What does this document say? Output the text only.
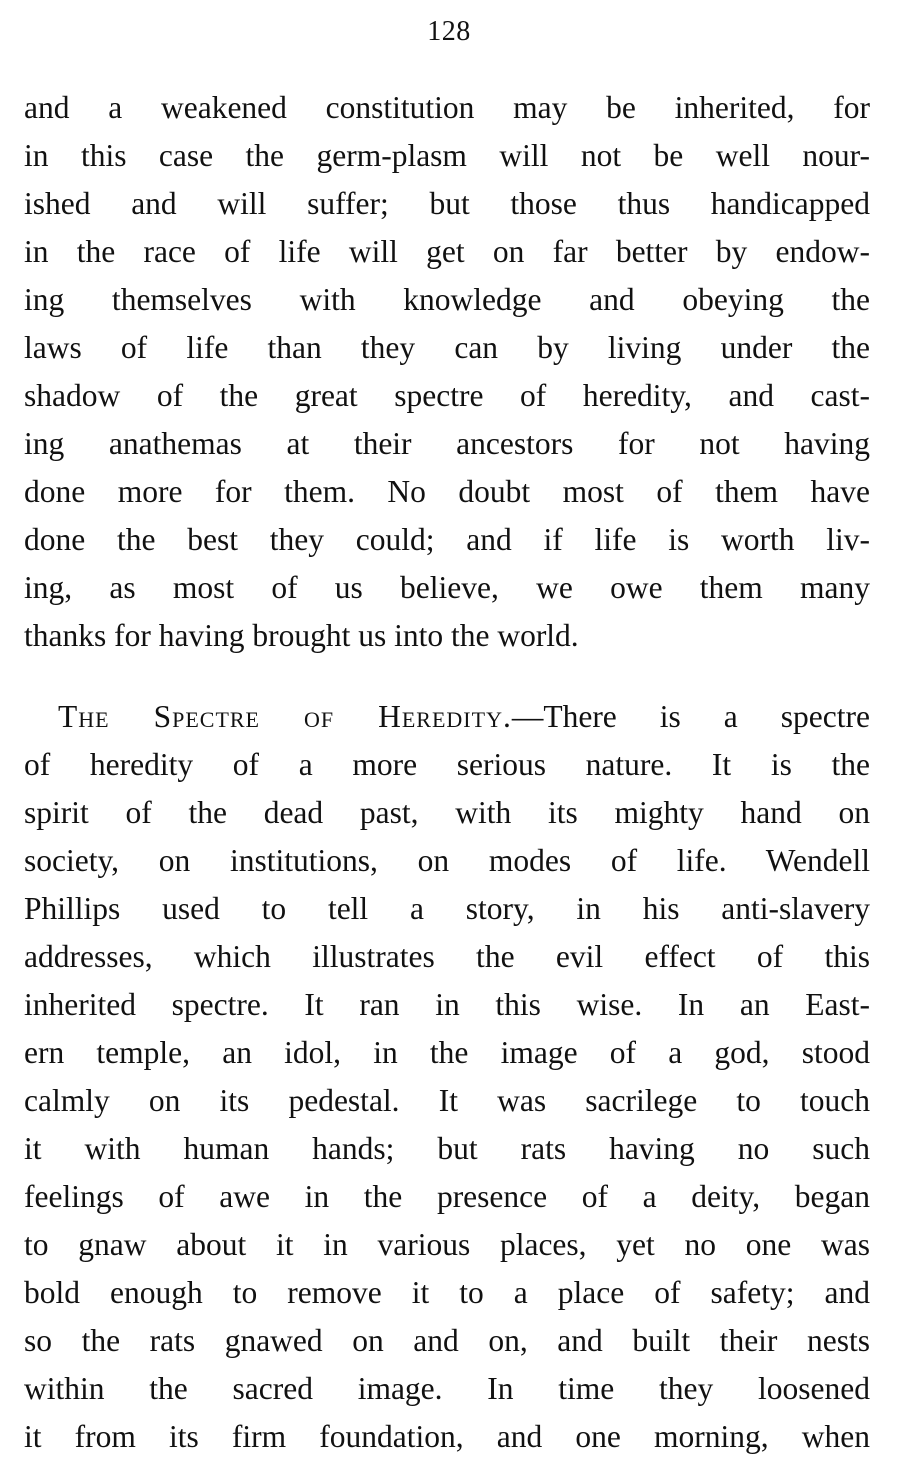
128
and a weakened constitution may be inherited, for
in this case the germ-plasm will not be well nour-
ished and will suffer; but those thus handicapped
in the race of life will get on far better by endow-
ing themselves with knowledge and obeying the
laws of life than they can by living under the
shadow of the great spectre of heredity, and cast-
ing anathemas at their ancestors for not having
done more for them. No doubt most of them have
done the best they could; and if life is worth liv-
ing, as most of us believe, we owe them many
thanks for having brought us into the world.
The Spectre of Heredity.—There is a spectre
of heredity of a more serious nature. It is the
spirit of the dead past, with its mighty hand on
society, on institutions, on modes of life. Wendell
Phillips used to tell a story, in his anti-slavery
addresses, which illustrates the evil effect of this
inherited spectre. It ran in this wise. In an East-
ern temple, an idol, in the image of a god, stood
calmly on its pedestal. It was sacrilege to touch
it with human hands; but rats having no such
feelings of awe in the presence of a deity, began
to gnaw about it in various places, yet no one was
bold enough to remove it to a place of safety; and
so the rats gnawed on and on, and built their nests
within the sacred image. In time they loosened
it from its firm foundation, and one morning, when
